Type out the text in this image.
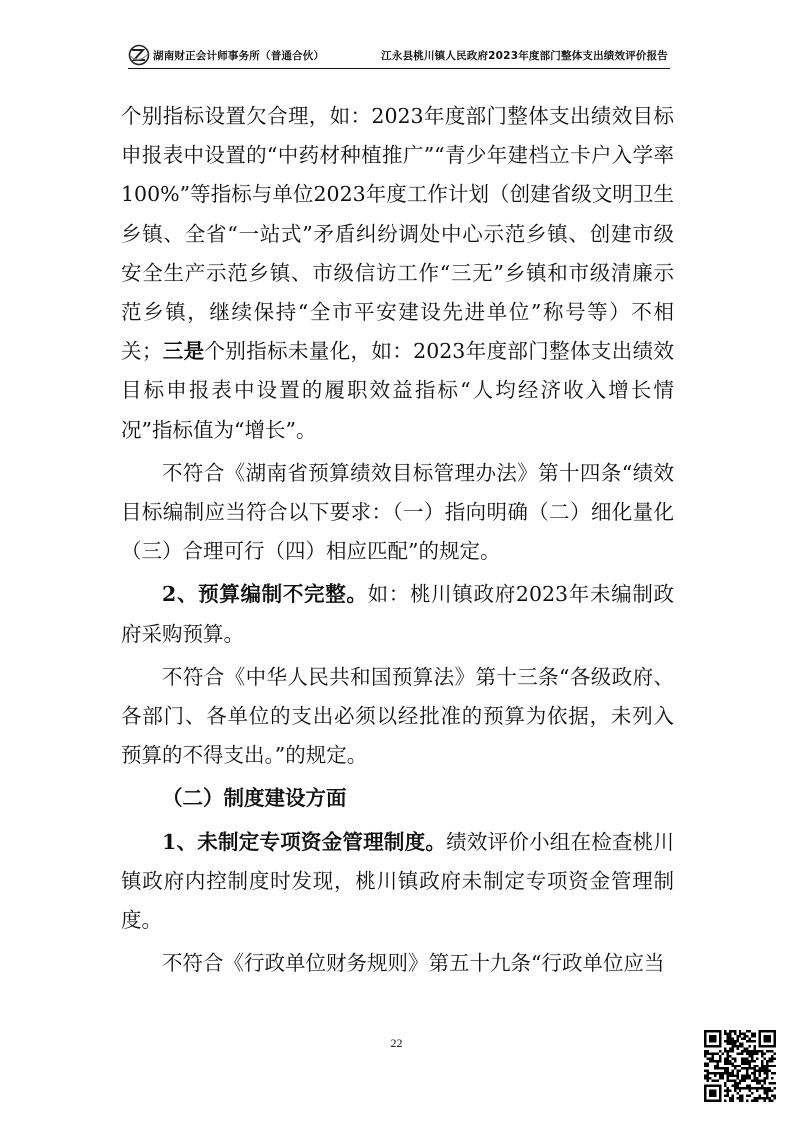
湖南财正会计师事务所（普通合伙）	江永县桃川镇人民政府2023年度部门整体支出绩效评价报告

个别指标设置欠合理，如：2023年度部门整体支出绩效目标申报表中设置的“中药材种植推广”“青少年建档立卡户入学率100%”等指标与单位2023年度工作计划（创建省级文明卫生乡镇、全省“一站式”矛盾纠纷调处中心示范乡镇、创建市级安全生产示范乡镇、市级信访工作“三无”乡镇和市级清廉示范乡镇，继续保持“全市平安建设先进单位”称号等）不相关；三是个别指标未量化，如：2023年度部门整体支出绩效目标申报表中设置的履职效益指标“人均经济收入增长情况”指标值为“增长”。

不符合《湖南省预算绩效目标管理办法》第十四条“绩效目标编制应当符合以下要求：（一）指向明确（二）细化量化（三）合理可行（四）相应匹配”的规定。

2、预算编制不完整。如：桃川镇政府2023年未编制政府采购预算。

不符合《中华人民共和国预算法》第十三条“各级政府、各部门、各单位的支出必须以经批准的预算为依据，未列入预算的不得支出。”的规定。

（二）制度建设方面

1、未制定专项资金管理制度。绩效评价小组在检查桃川镇政府内控制度时发现，桃川镇政府未制定专项资金管理制度。

不符合《行政单位财务规则》第五十九条“行政单位应当

22
